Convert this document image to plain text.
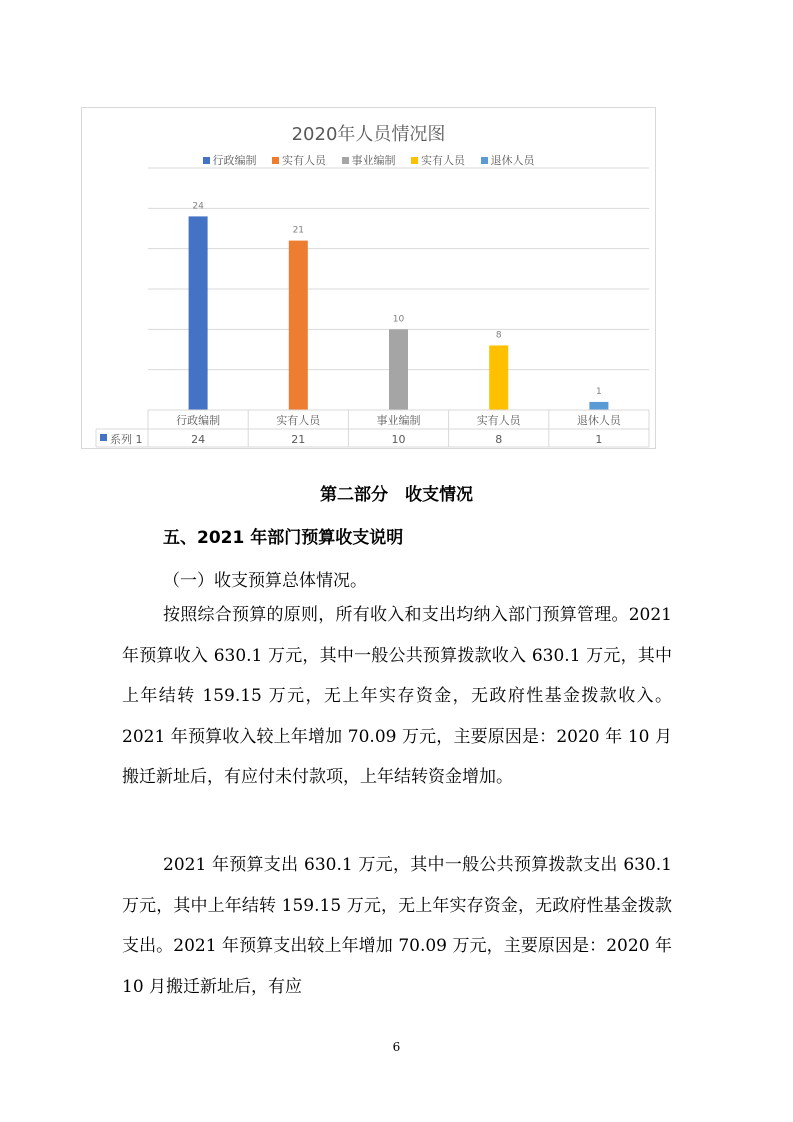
2020年人员情况图
行政编制 实有人员 事业编制 实有人员 退休人员
24
21
10
8
1
行政编制
24
实有人员
21
事业编制
10
实有人员
8
退休人员
1
系列 1
第二部分　收支情况
五、2021 年部门预算收支说明
（一）收支预算总体情况。
按照综合预算的原则，所有收入和支出均纳入部门预算管理。2021 年预算收入 630.1 万元，其中一般公共预算拨款收入 630.1 万元，其中上年结转 159.15 万元，无上年实存资金，无政府性基金拨款收入。2021 年预算收入较上年增加 70.09 万元，主要原因是：2020 年 10 月搬迁新址后，有应付未付款项，上年结转资金增加。
2021 年预算支出 630.1 万元，其中一般公共预算拨款支出 630.1 万元，其中上年结转 159.15 万元，无上年实存资金，无政府性基金拨款支出。2021 年预算支出较上年增加 70.09 万元，主要原因是：2020 年 10 月搬迁新址后，有应
6
